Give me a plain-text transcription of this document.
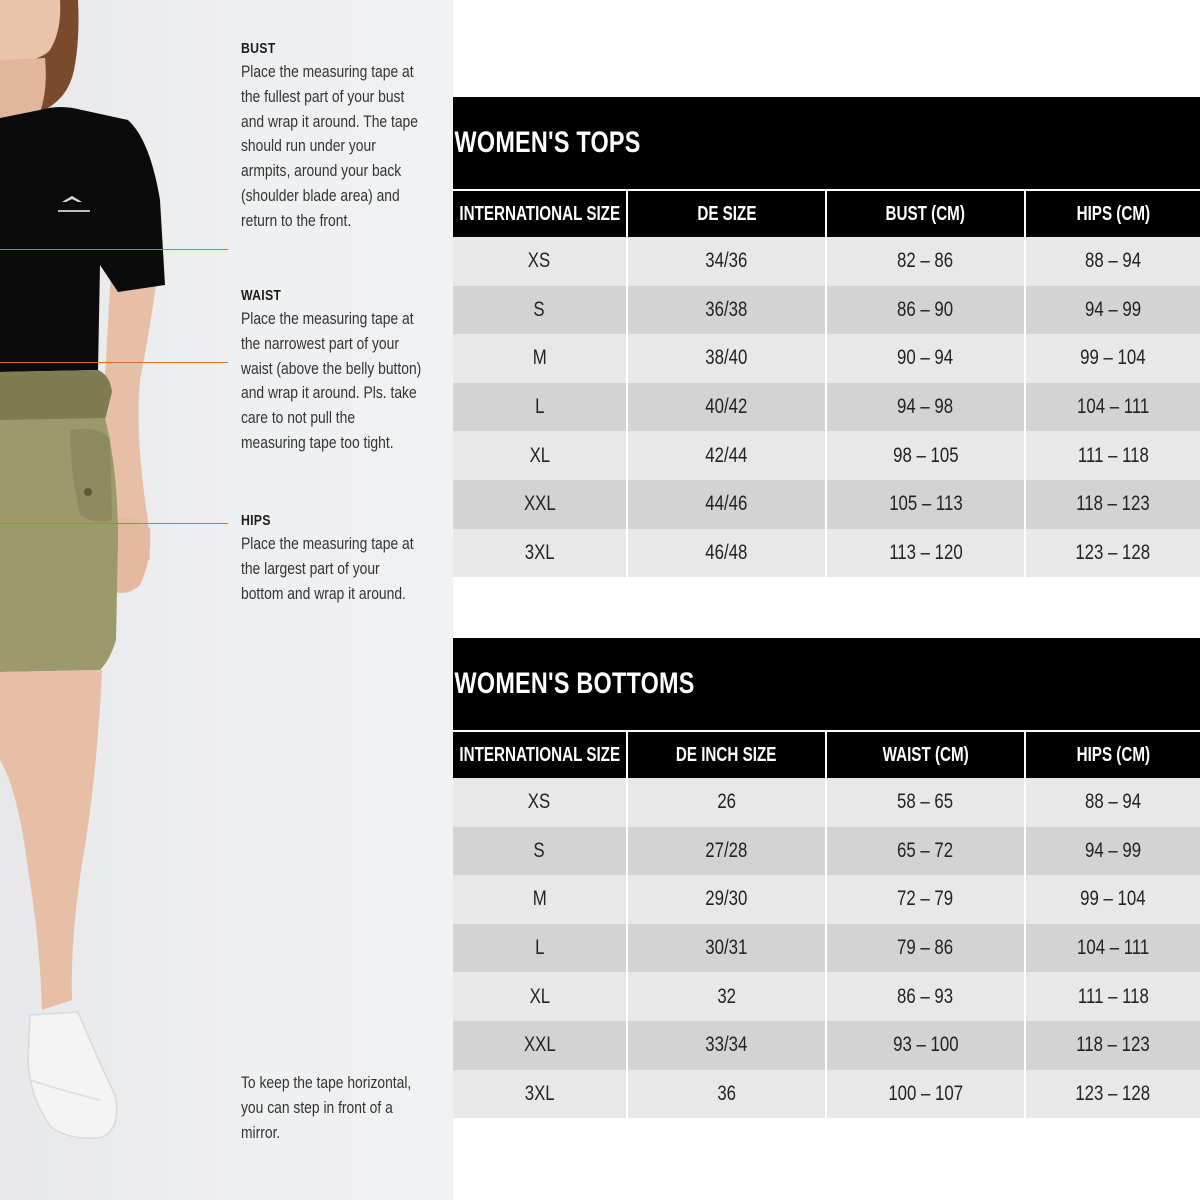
BUST

Place the measuring tape at the fullest part of your bust and wrap it around. The tape should run under your armpits, around your back (shoulder blade area) and return to the front.

WAIST

Place the measuring tape at the narrowest part of your waist (above the belly button) and wrap it around. Pls. take care to not pull the measuring tape too tight.

HIPS

Place the measuring tape at the largest part of your bottom and wrap it around.

To keep the tape horizontal, you can step in front of a mirror.

WOMEN'S TOPS
INTERNATIONAL SIZE	DE SIZE	BUST (CM)	HIPS (CM)
XS	34/36	82 – 86	88 – 94
S	36/38	86 – 90	94 – 99
M	38/40	90 – 94	99 – 104
L	40/42	94 – 98	104 – 111
XL	42/44	98 – 105	111 – 118
XXL	44/46	105 – 113	118 – 123
3XL	46/48	113 – 120	123 – 128
WOMEN'S BOTTOMS
INTERNATIONAL SIZE	DE INCH SIZE	WAIST (CM)	HIPS (CM)
XS	26	58 – 65	88 – 94
S	27/28	65 – 72	94 – 99
M	29/30	72 – 79	99 – 104
L	30/31	79 – 86	104 – 111
XL	32	86 – 93	111 – 118
XXL	33/34	93 – 100	118 – 123
3XL	36	100 – 107	123 – 128
